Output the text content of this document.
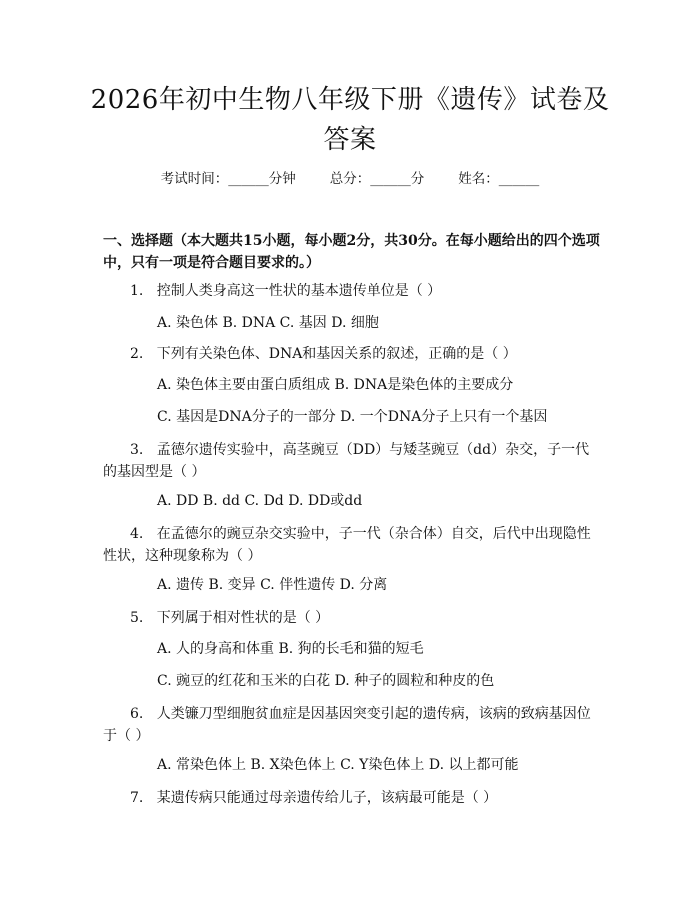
2026年初中生物八年级下册《遗传》试卷及答案
考试时间：______分钟	总分：______分	姓名：______
一、选择题（本大题共15小题，每小题2分，共30分。在每小题给出的四个选项中，只有一项是符合题目要求的。）
1. 控制人类身高这一性状的基本遗传单位是（ ）
A. 染色体 B. DNA C. 基因 D. 细胞
2. 下列有关染色体、DNA和基因关系的叙述，正确的是（ ）
A. 染色体主要由蛋白质组成 B. DNA是染色体的主要成分
C. 基因是DNA分子的一部分 D. 一个DNA分子上只有一个基因
3. 孟德尔遗传实验中，高茎豌豆（DD）与矮茎豌豆（dd）杂交，子一代的基因型是（ ）
A. DD B. dd C. Dd D. DD或dd
4. 在孟德尔的豌豆杂交实验中，子一代（杂合体）自交，后代中出现隐性性状，这种现象称为（ ）
A. 遗传 B. 变异 C. 伴性遗传 D. 分离
5. 下列属于相对性状的是（ ）
A. 人的身高和体重 B. 狗的长毛和猫的短毛
C. 豌豆的红花和玉米的白花 D. 种子的圆粒和种皮的色
6. 人类镰刀型细胞贫血症是因基因突变引起的遗传病，该病的致病基因位于（ ）
A. 常染色体上 B. X染色体上 C. Y染色体上 D. 以上都可能
7. 某遗传病只能通过母亲遗传给儿子，该病最可能是（ ）
